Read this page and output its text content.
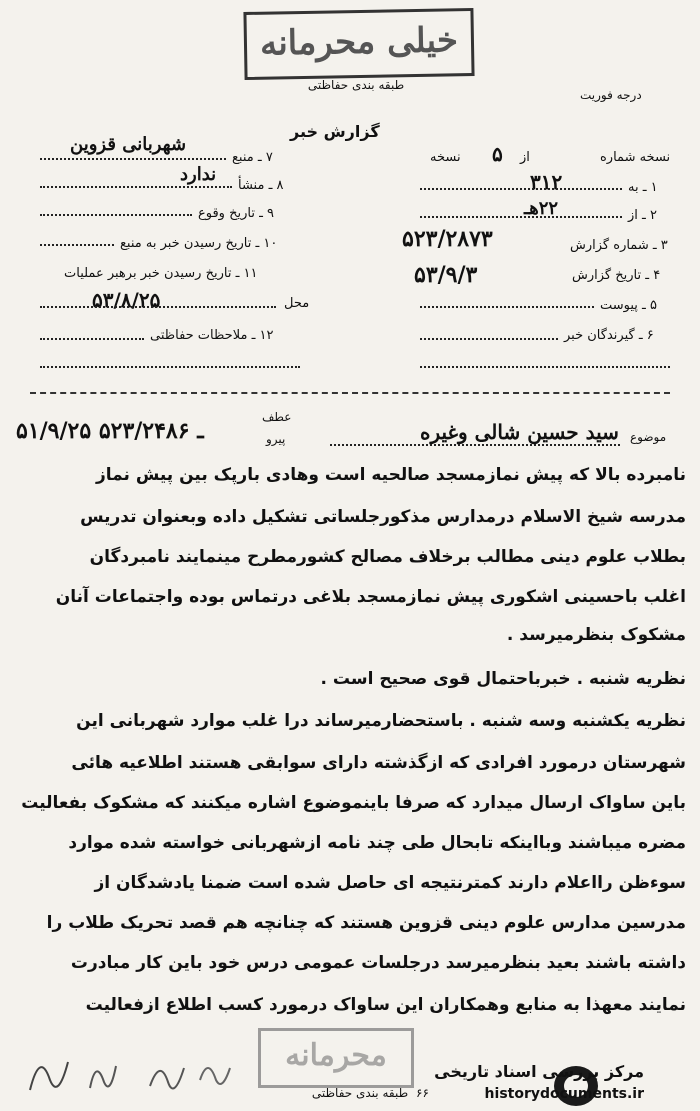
خیلی محرمانه
طبقه بندی حفاظتی
درجه فوریت
گزارش خبر
۷ ـ منبع
شهربانی قزوین
۸ ـ منشأ
ندارد
۹ ـ تاریخ وقوع
۱۰ ـ تاریخ رسیدن خبر به منبع
۱۱ ـ تاریخ رسیدن خبر برهبر عملیات
محل
۵۳/۸/۲۵
۱۲ ـ ملاحظات حفاظتی
نسخه شماره
از
۵
نسخه
۱ ـ به
۳۱۲
۲ ـ از
۲۲هـ
۳ ـ شماره گزارش
۵۲۳/۲۸۷۳
۴ ـ تاریخ گزارش
۵۳/۹/۳
۵ ـ پیوست
۶ ـ گیرندگان خبر
موضوع
سید حسین شالی وغیره
عطف
پیرو
۵۱/۹/۲۵ ـ ۵۲۳/۲۴۸۶

نامبرده بالا که پیش نمازمسجد صالحیه است وهادی بارپک بین پیش نماز

مدرسه شیخ الاسلام درمدارس مذکورجلساتی تشکیل داده وبعنوان تدریس

بطلاب علوم دینی مطالب برخلاف مصالح کشورمطرح مینمایند نامبردگان

اغلب باحسینی اشکوری پیش نمازمسجد بلاغی درتماس بوده واجتماعات آنان

مشکوک بنظرمیرسد .

نظریه شنبه . خبرباحتمال قوی صحیح است .

نظریه یکشنبه وسه شنبه . باستحضارمیرساند درا غلب موارد شهربانی این

شهرستان درمورد افرادی که ازگذشته دارای سوابقی هستند اطلاعیه هائی

باین ساواک ارسال میدارد که صرفا باینموضوع اشاره میکنند که مشکوک بفعالیت

مضره میباشند وبااینکه تابحال طی چند نامه ازشهربانی خواسته شده موارد

سوءظن رااعلام دارند کمترنتیجه ای حاصل شده است ضمنا یادشدگان از

مدرسین مدارس علوم دینی قزوین هستند که چنانچه هم قصد تحریک طلاب را

داشته باشند بعید بنظرمیرسد درجلسات عمومی درس خود باین کار مبادرت

نمایند معهذا به منابع وهمکاران این ساواک درمورد کسب اطلاع ازفعالیت

محرمانه
طبقه بندی حفاظتی ۶۶
مرکز بررسی اسناد تاریخی
historydocuments.ir
